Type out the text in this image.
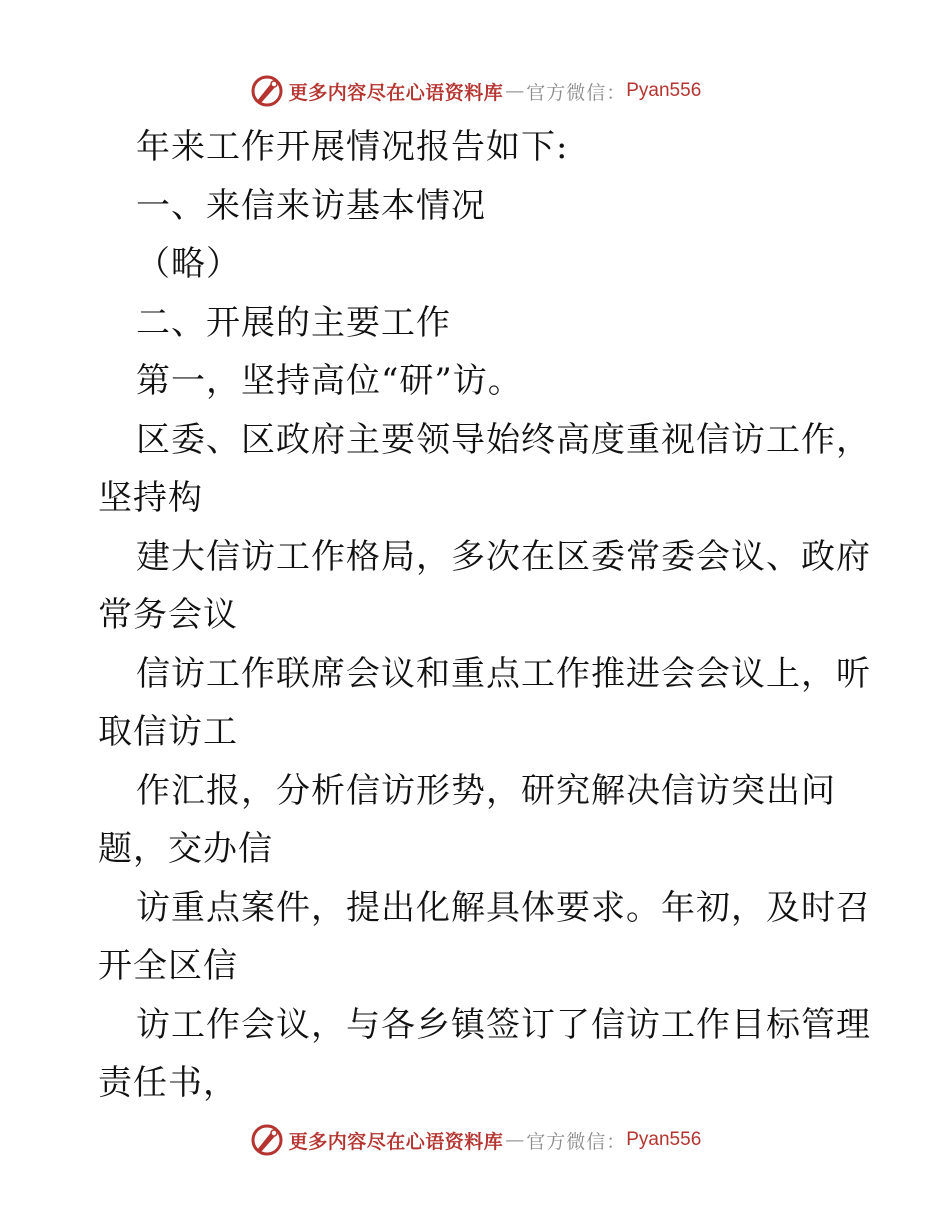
更多内容尽在心语资料库 — 官方微信： Pyan556
年来工作开展情况报告如下:
一、来信来访基本情况
（略）
二、开展的主要工作
第一，坚持高位“研”访。
区委、区政府主要领导始终高度重视信访工作，
坚持构
建大信访工作格局，多次在区委常委会议、政府
常务会议
信访工作联席会议和重点工作推进会会议上，听
取信访工
作汇报，分析信访形势，研究解决信访突出问
题，交办信
访重点案件，提出化解具体要求。年初，及时召
开全区信
访工作会议，与各乡镇签订了信访工作目标管理
责任书，
更多内容尽在心语资料库 — 官方微信： Pyan556
